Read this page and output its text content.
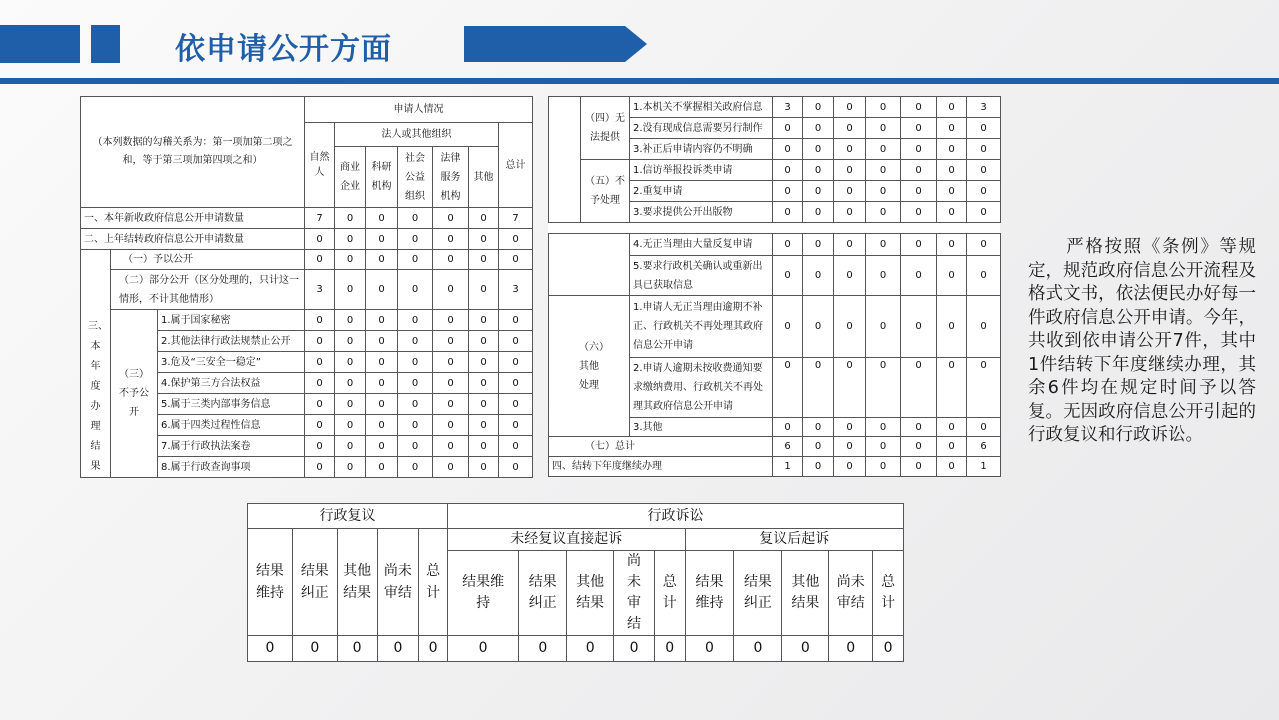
依申请公开方面
（本列数据的勾稽关系为：第一项加第二项之和，等于第三项加第四项之和）			申请人情况						
			自然人	法人或其他组织					总计
				商业企业	科研机构	社会公益组织	法律服务机构	其他	
一、本年新收政府信息公开申请数量			7	0	0	0	0	0	7
二、上年结转政府信息公开申请数量			0	0	0	0	0	0	0
三、本年度办理结果	（一）予以公开		0	0	0	0	0	0	0
	（二）部分公开（区分处理的，只计这一情形，不计其他情形）		3	0	0	0	0	0	3
	（三）不予公开	1.属于国家秘密	0	0	0	0	0	0	0
		2.其他法律行政法规禁止公开	0	0	0	0	0	0	0
		3.危及“三安全一稳定”	0	0	0	0	0	0	0
		4.保护第三方合法权益	0	0	0	0	0	0	0
		5.属于三类内部事务信息	0	0	0	0	0	0	0
		6.属于四类过程性信息	0	0	0	0	0	0	0
		7.属于行政执法案卷	0	0	0	0	0	0	0
		8.属于行政查询事项	0	0	0	0	0	0	0
	（四）无法提供	1.本机关不掌握相关政府信息	3	0	0	0	0	0	3
		2.没有现成信息需要另行制作	0	0	0	0	0	0	0
		3.补正后申请内容仍不明确	0	0	0	0	0	0	0
	（五）不予处理	1.信访举报投诉类申请	0	0	0	0	0	0	0
		2.重复申请	0	0	0	0	0	0	0
		3.要求提供公开出版物	0	0	0	0	0	0	0
	4.无正当理由大量反复申请	0	0	0	0	0	0	0
	5.要求行政机关确认或重新出具已获取信息	0	0	0	0	0	0	0
（六）其他处理	1.申请人无正当理由逾期不补正、行政机关不再处理其政府信息公开申请	0	0	0	0	0	0	0
	2.申请人逾期未按收费通知要求缴纳费用、行政机关不再处理其政府信息公开申请	0	0	0	0	0	0	0
	3.其他	0	0	0	0	0	0	0
（七）总计		6	0	0	0	0	0	6
四、结转下年度继续办理		1	0	0	0	0	0	1
行政复议					行政诉讼									
结果维持	结果纠正	其他结果	尚未审结	总计	未经复议直接起诉					复议后起诉				
					结果维持	结果纠正	其他结果	尚未审结	总计	结果维持	结果纠正	其他结果	尚未审结	总计
0	0	0	0	0	0	0	0	0	0	0	0	0	0	0
　　严格按照《条例》等规定，规范政府信息公开流程及格式文书，依法便民办好每一件政府信息公开申请。今年，共收到依申请公开7件，其中1件结转下年度继续办理，其余6件均在规定时间予以答复。无因政府信息公开引起的行政复议和行政诉讼。
